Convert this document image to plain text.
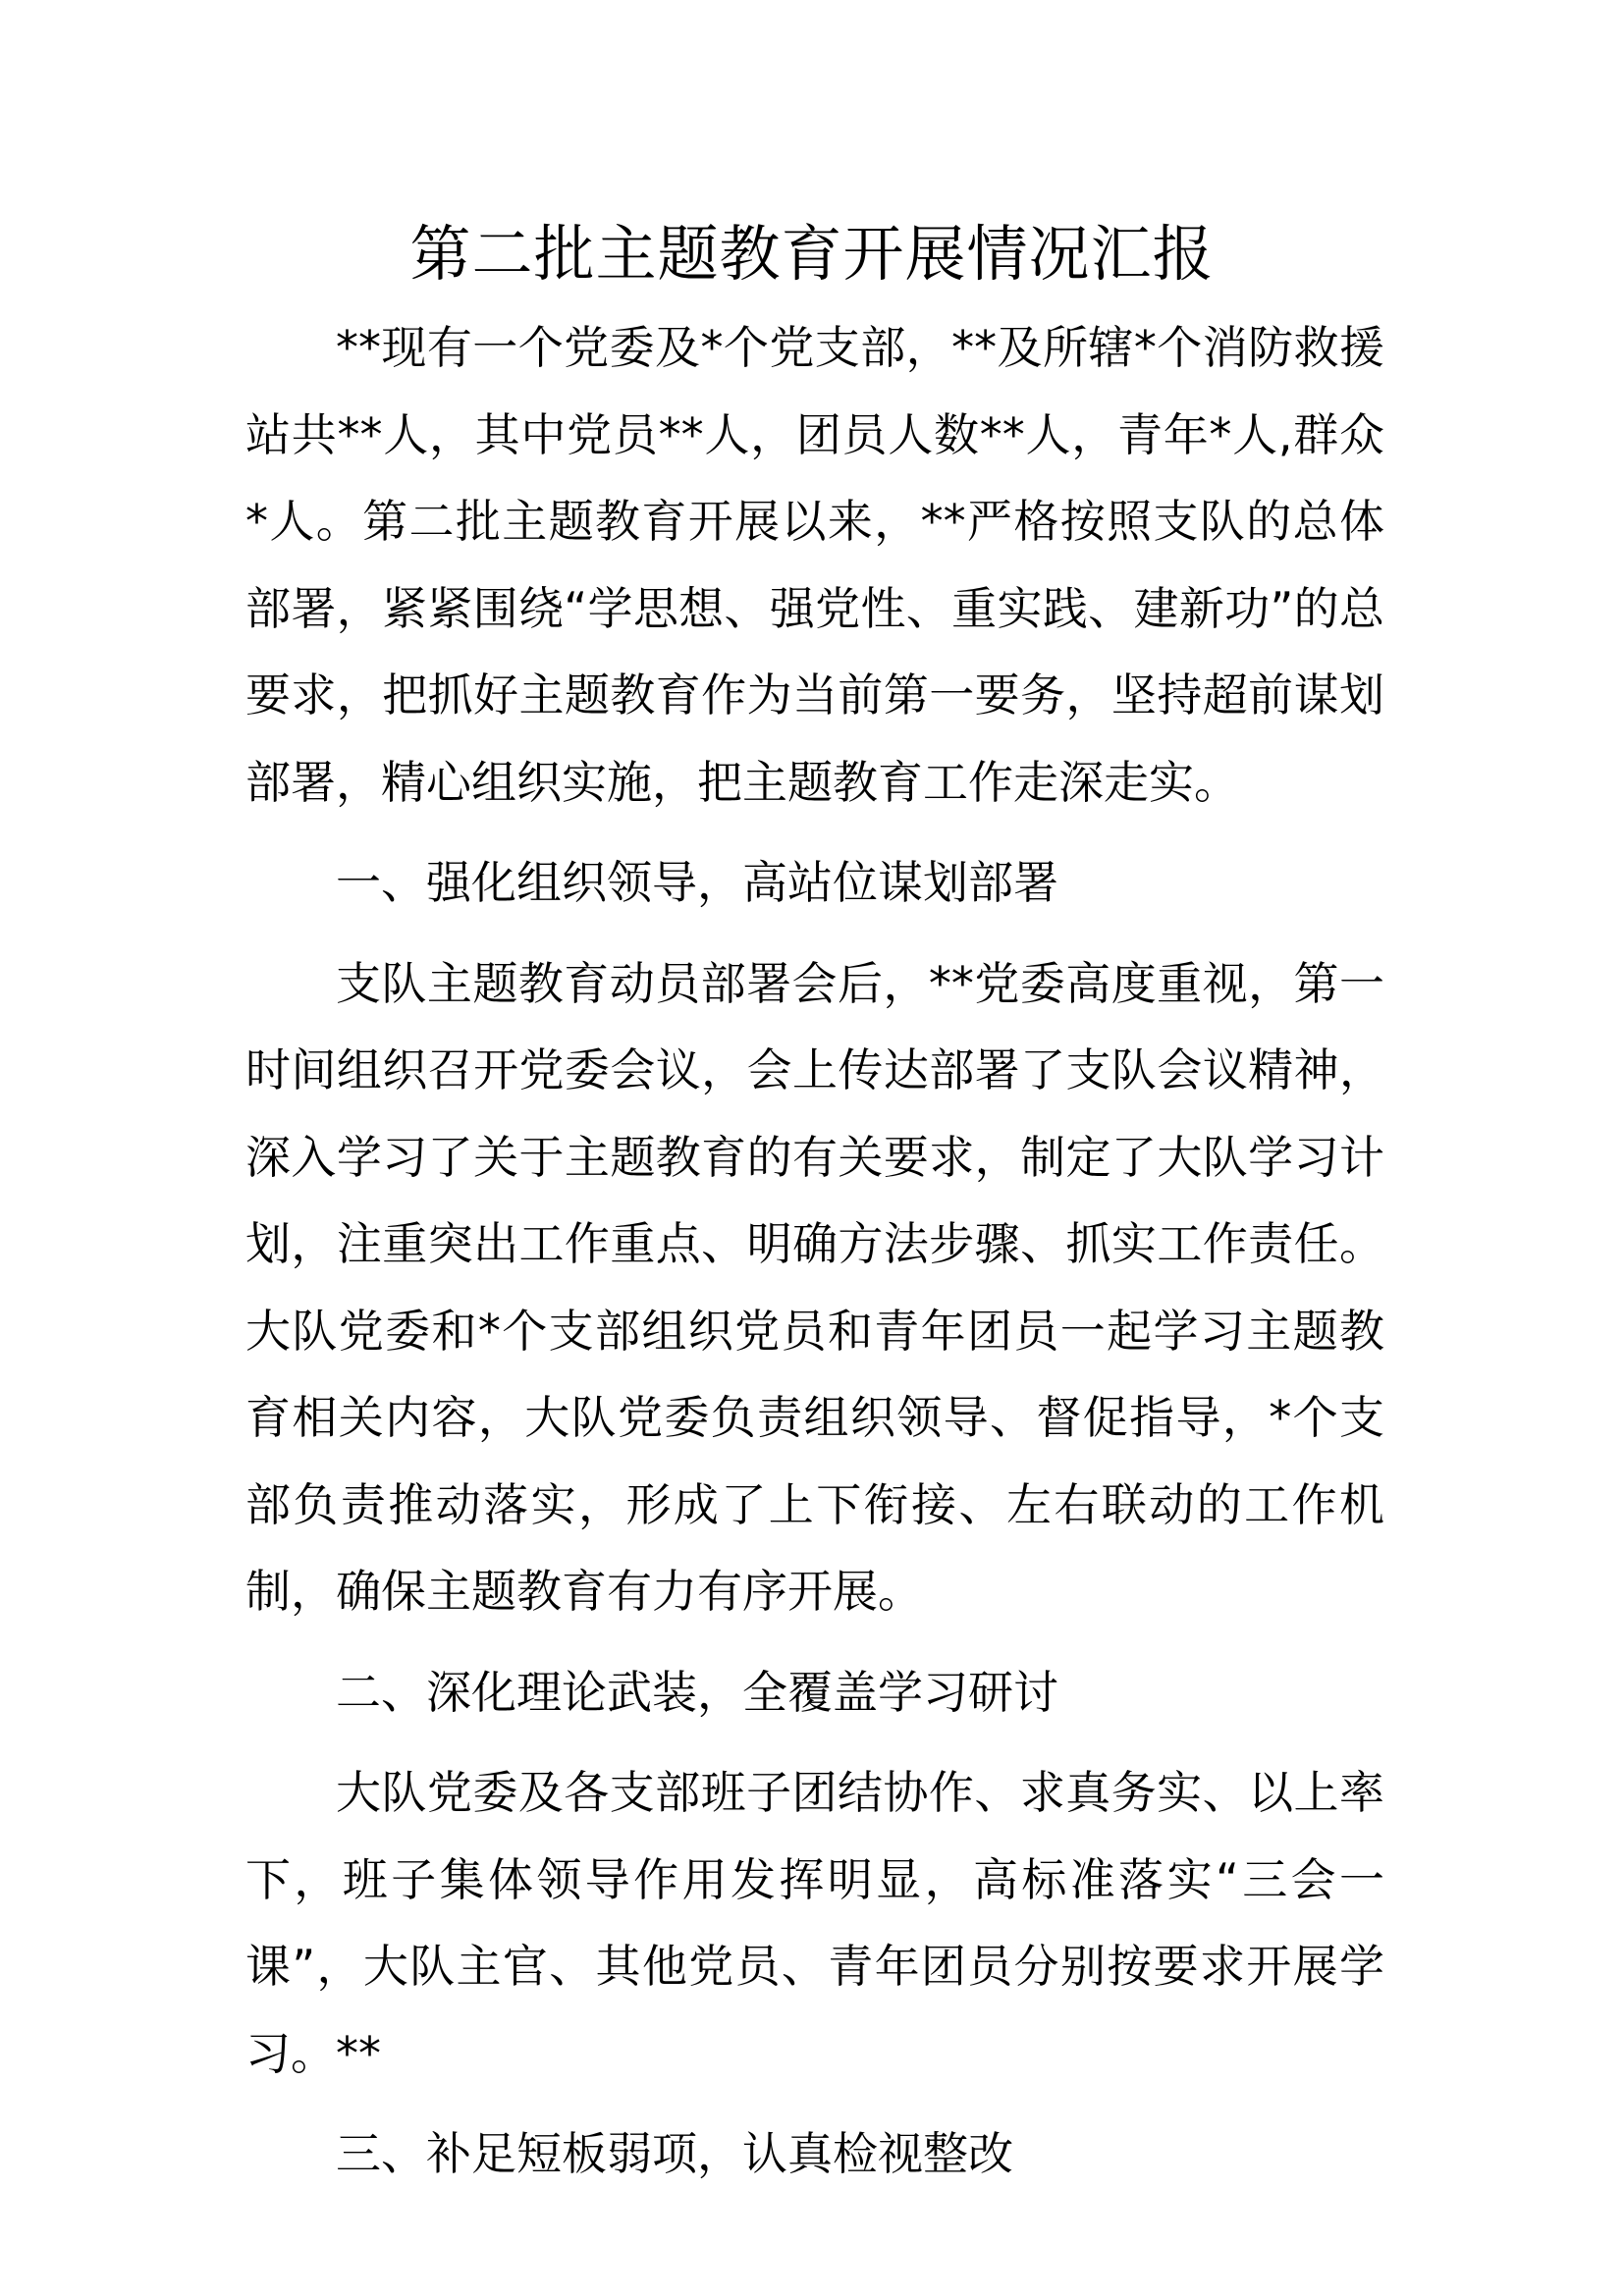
第二批主题教育开展情况汇报

**现有一个党委及*个党支部，**及所辖*个消防救援站共**人，其中党员**人，团员人数**人，青年*人,群众*人。第二批主题教育开展以来，**严格按照支队的总体部署，紧紧围绕“学思想、强党性、重实践、建新功”的总要求，把抓好主题教育作为当前第一要务，坚持超前谋划部署，精心组织实施，把主题教育工作走深走实。

一、强化组织领导，高站位谋划部署

支队主题教育动员部署会后，**党委高度重视，第一时间组织召开党委会议，会上传达部署了支队会议精神，深入学习了关于主题教育的有关要求，制定了大队学习计划，注重突出工作重点、明确方法步骤、抓实工作责任。大队党委和*个支部组织党员和青年团员一起学习主题教育相关内容，大队党委负责组织领导、督促指导，*个支部负责推动落实，形成了上下衔接、左右联动的工作机制，确保主题教育有力有序开展。

二、深化理论武装，全覆盖学习研讨

大队党委及各支部班子团结协作、求真务实、以上率下，班子集体领导作用发挥明显，高标准落实“三会一课”，大队主官、其他党员、青年团员分别按要求开展学习。**

三、补足短板弱项，认真检视整改
